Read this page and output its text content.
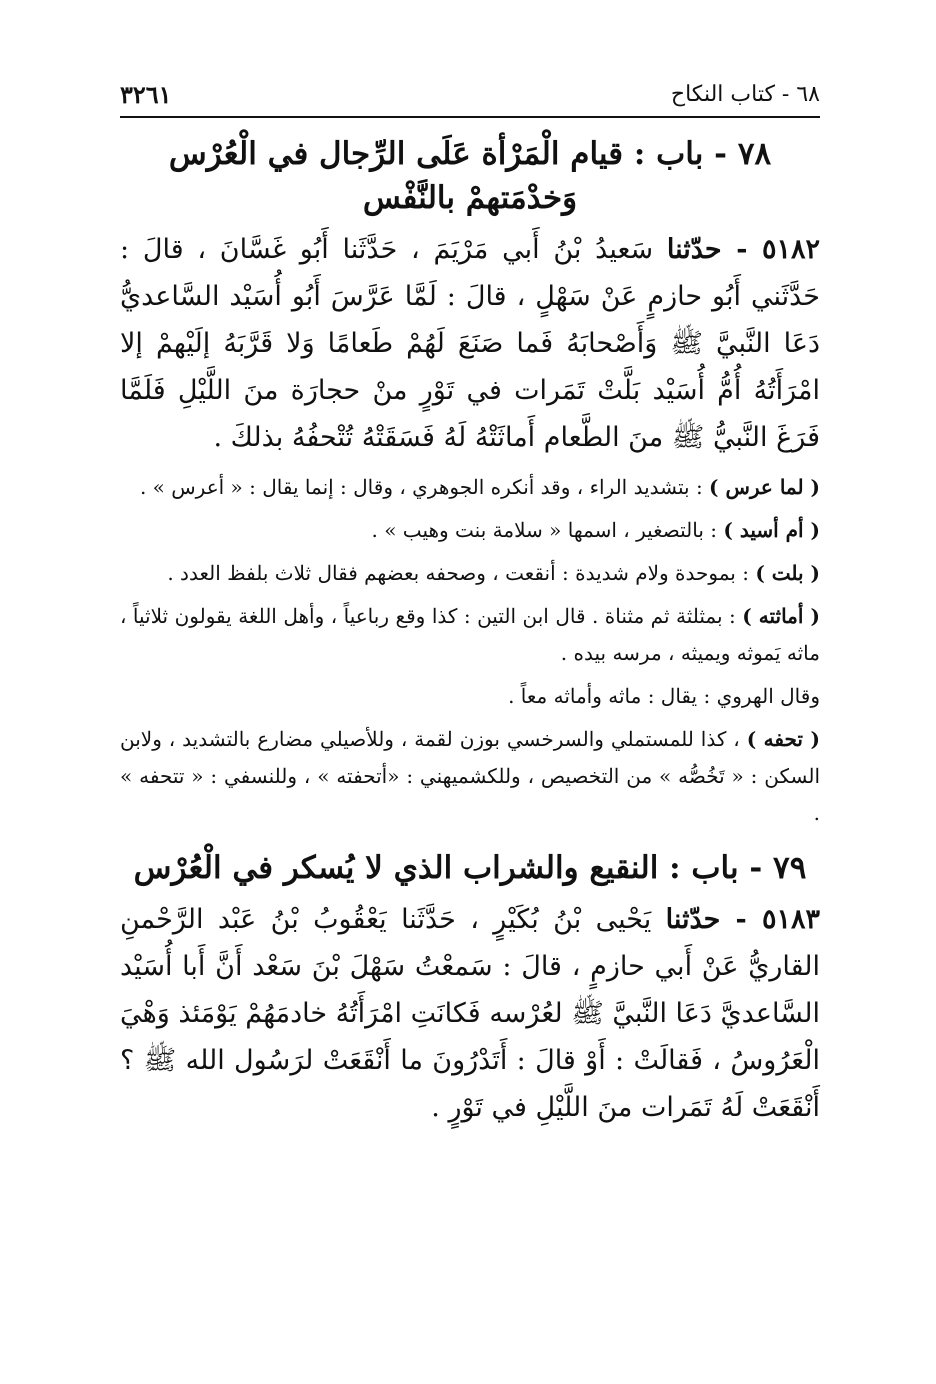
٦٨ - كتاب النكاح
٣٢٦١
٧٨ - باب : قيام الْمَرْأة عَلَى الرِّجال في الْعُرْس وَخدْمَتهمْ بالنَّفْس
٥١٨٢ - حدّثنا سَعيدُ بْنُ أَبي مَرْيَمَ ، حَدَّثَنا أَبُو غَسَّانَ ، قالَ : حَدَّثَني أَبُو حازمٍ عَنْ سَهْلٍ ، قالَ : لَمَّا عَرَّسَ أَبُو أُسَيْد السَّاعديُّ دَعَا النَّبيَّ ﷺ وَأَصْحابَهُ فَما صَنَعَ لَهُمْ طَعامًا وَلا قَرَّبَهُ إلَيْهمْ إلا امْرَأَتُهُ أُمُّ أُسَيْد بَلَّتْ تَمَرات في تَوْرٍ منْ حجارَة منَ اللَّيْلِ فَلَمَّا فَرَغَ النَّبيُّ ﷺ منَ الطَّعام أَماثَتْهُ لَهُ فَسَقَتْهُ تُتْحفُهُ بذلكَ .

( لما عرس ) : بتشديد الراء ، وقد أنكره الجوهري ، وقال : إنما يقال : « أعرس » .

( أم أسيد ) : بالتصغير ، اسمها « سلامة بنت وهيب » .

( بلت ) : بموحدة ولام شديدة : أنقعت ، وصحفه بعضهم فقال ثلاث بلفظ العدد .

( أماثته ) : بمثلثة ثم مثناة . قال ابن التين : كذا وقع رباعياً ، وأهل اللغة يقولون ثلاثياً ، ماثه يَموثه ويميثه ، مرسه بيده .

وقال الهروي : يقال : ماثه وأماثه معاً .

( تحفه ) ، كذا للمستملي والسرخسي بوزن لقمة ، وللأصيلي مضارع بالتشديد ، ولابن السكن : « تَخُصُّه » من التخصيص ، وللكشميهني : «أتحفته » ، وللنسفي : « تتحفه » .

٧٩ - باب : النقيع والشراب الذي لا يُسكر في الْعُرْس
٥١٨٣ - حدّثنا يَحْيى بْنُ بُكَيْرٍ ، حَدَّثَنا يَعْقُوبُ بْنُ عَبْد الرَّحْمنِ القاريُّ عَنْ أَبي حازمٍ ، قالَ : سَمعْتُ سَهْلَ بْنَ سَعْد أَنَّ أَبا أُسَيْد السَّاعديَّ دَعَا النَّبيَّ ﷺ لعُرْسه فَكانَتِ امْرَأَتُهُ خادمَهُمْ يَوْمَئذ وَهْيَ الْعَرُوسُ ، فَقالَتْ : أَوْ قالَ : أَتَدْرُونَ ما أَنْقَعَتْ لرَسُول الله ﷺ ؟ أَنْقَعَتْ لَهُ تَمَرات منَ اللَّيْلِ في تَوْرٍ .
